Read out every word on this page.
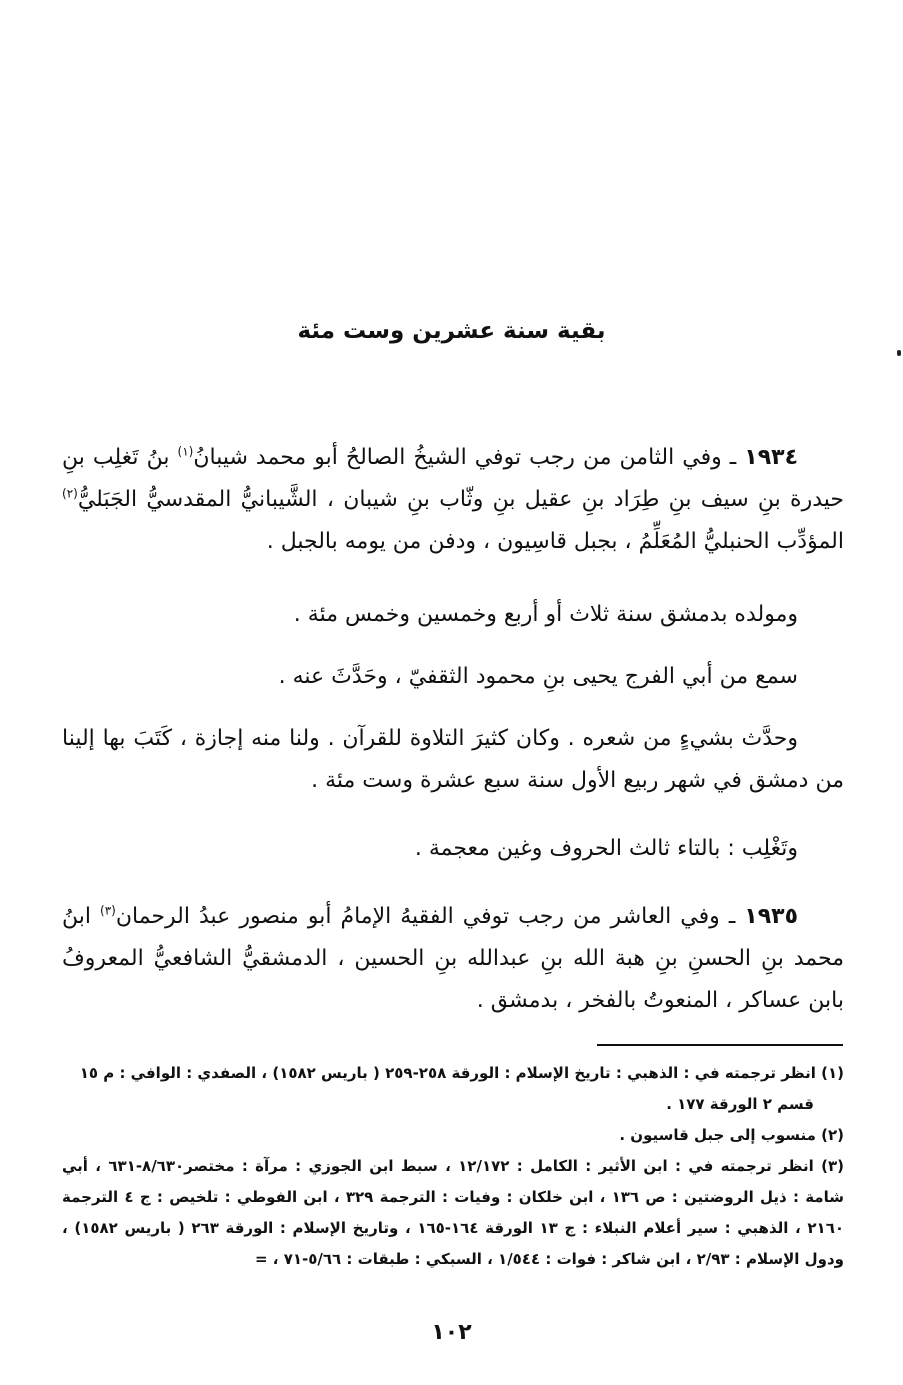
بقية سنة عشرين وست مئة
١٩٣٤ ـ وفي الثامن من رجب توفي الشيخُ الصالحُ أبو محمد شيبانُ$^{(١)}$ بنُ تَغلِب بنِ حيدرة بنِ سيف بنِ طِرَاد بنِ عقيل بنِ وثّاب بنِ شيبان ، الشَّيبانيُّ المقدسيُّ الجَبَليُّ$^{(٢)}$ المؤدِّب الحنبليُّ المُعَلِّمُ ، بجبل قاسِيون ، ودفن من يومه بالجبل .
ومولده بدمشق سنة ثلاث أو أربع وخمسين وخمس مئة .
سمع من أبي الفرج يحيى بنِ محمود الثقفيّ ، وحَدَّثَ عنه .
وحدَّث بشيءٍ من شعره . وكان كثيرَ التلاوة للقرآن . ولنا منه إجازة ، كَتَبَ بها إلينا من دمشق في شهر ربيع الأول سنة سبع عشرة وست مئة .
وتَغْلِب : بالتاء ثالث الحروف وغين معجمة .
١٩٣٥ ـ وفي العاشر من رجب توفي الفقيهُ الإمامُ أبو منصور عبدُ الرحمان$^{(٣)}$ ابنُ محمد بنِ الحسنِ بنِ هبة الله بنِ عبدالله بنِ الحسين ، الدمشقيُّ الشافعيُّ المعروفُ بابن عساكر ، المنعوتُ بالفخر ، بدمشق .

(١) انظر ترجمته في : الذهبي : تاريخ الإسلام : الورقة ٢٥٨-٢٥٩ ( باريس ١٥٨٢) ، الصفدي : الوافي : م ١٥

قسم ٢ الورقة ١٧٧ .

(٢) منسوب إلى جبل قاسيون .

(٣) انظر ترجمته في : ابن الأثير : الكامل : ١٢/١٧٢ ، سبط ابن الجوزي : مرآة : مختصر٨/٦٣٠-٦٣١ ، أبي شامة : ذيل الروضتين : ص ١٣٦ ، ابن خلكان : وفيات : الترجمة ٣٢٩ ، ابن الفوطي : تلخيص : ج ٤ الترجمة ٢١٦٠ ، الذهبي : سير أعلام النبلاء : ج ١٣ الورقة ١٦٤-١٦٥ ، وتاريخ الإسلام : الورقة ٢٦٣ ( باريس ١٥٨٢) ، ودول الإسلام : ٢/٩٣ ، ابن شاكر : فوات : ١/٥٤٤ ، السبكي : طبقات : ٥/٦٦-٧١ ، =

١٠٢
